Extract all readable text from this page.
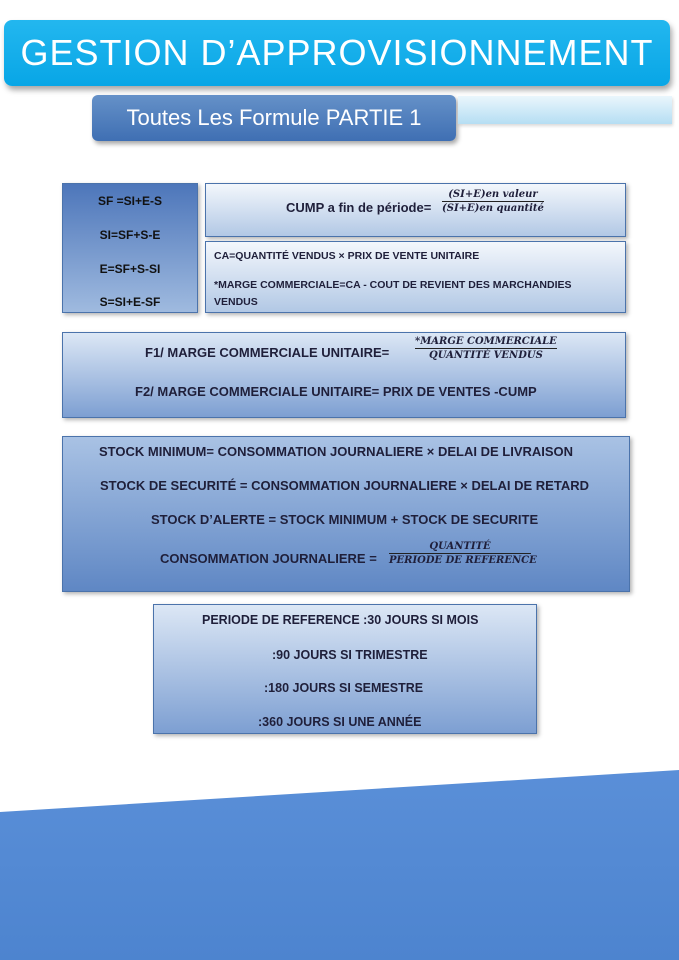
GESTION D’APPROVISIONNEMENT
Toutes Les Formule PARTIE 1
SF =SI+E-S
SI=SF+S-E
E=SF+S-SI
S=SI+E-SF
CUMP a fin de période=
(SI+E)en valeur
(SI+E)en quantité
CA=QUANTITÉ VENDUS × PRIX DE VENTE UNITAIRE
*MARGE COMMERCIALE=CA - COUT DE REVIENT DES MARCHANDIES
VENDUS
F1/ MARGE COMMERCIALE UNITAIRE=
*MARGE COMMERCIALE
QUANTITÉ VENDUS
F2/ MARGE COMMERCIALE UNITAIRE= PRIX DE VENTES -CUMP
STOCK MINIMUM= CONSOMMATION JOURNALIERE × DELAI DE LIVRAISON
STOCK DE SECURITÉ = CONSOMMATION JOURNALIERE × DELAI DE RETARD
STOCK D’ALERTE = STOCK MINIMUM + STOCK DE SECURITE
CONSOMMATION JOURNALIERE =
QUANTITÉ
PERIODE DE REFERENCE
PERIODE DE REFERENCE :30 JOURS SI MOIS
:90 JOURS SI TRIMESTRE
:180 JOURS SI SEMESTRE
:360 JOURS SI UNE ANNÉE
